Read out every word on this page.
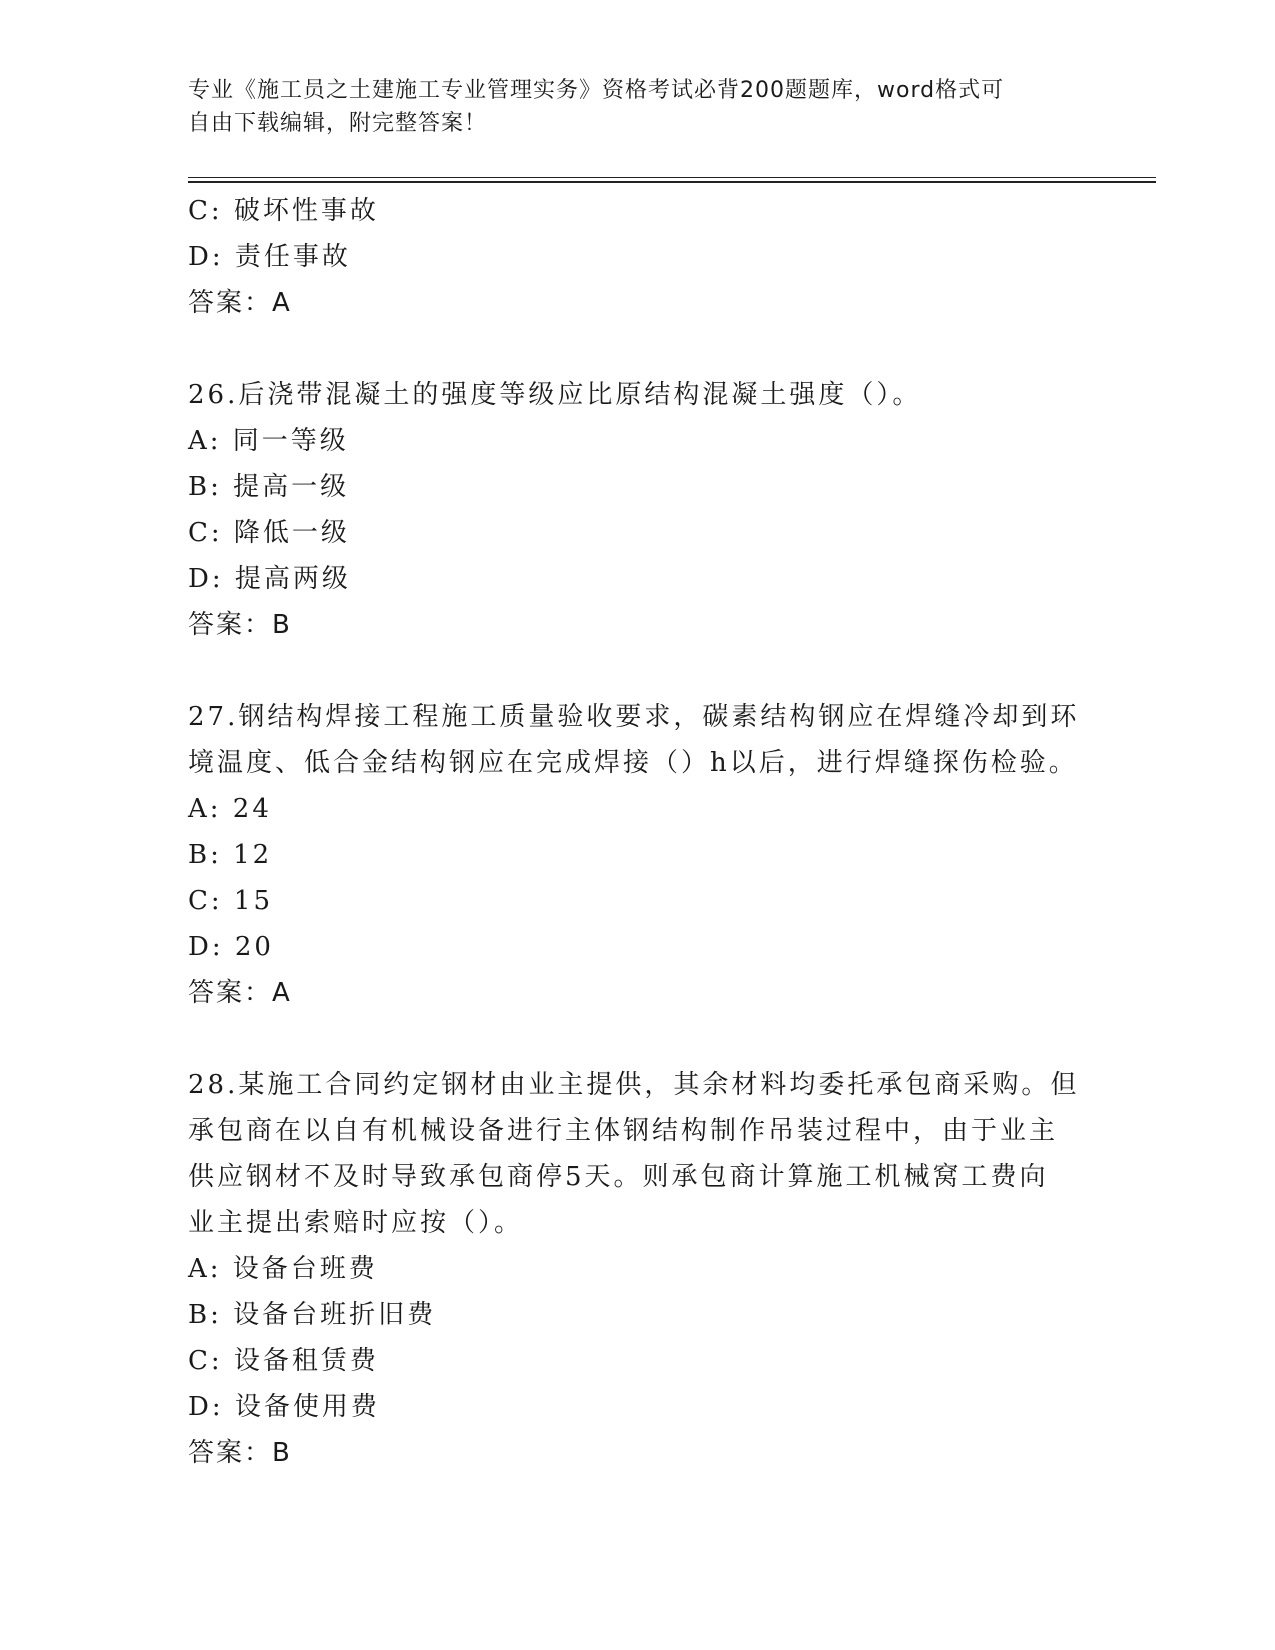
专业《施工员之土建施工专业管理实务》资格考试必背200题题库，word格式可
自由下载编辑，附完整答案！
C: 破坏性事故
D: 责任事故
答案：A
26.后浇带混凝土的强度等级应比原结构混凝土强度（）。
A: 同一等级
B: 提高一级
C: 降低一级
D: 提高两级
答案：B
27.钢结构焊接工程施工质量验收要求，碳素结构钢应在焊缝冷却到环
境温度、低合金结构钢应在完成焊接（）h以后，进行焊缝探伤检验。
A: 24
B: 12
C: 15
D: 20
答案：A
28.某施工合同约定钢材由业主提供，其余材料均委托承包商采购。但
承包商在以自有机械设备进行主体钢结构制作吊装过程中，由于业主
供应钢材不及时导致承包商停5天。则承包商计算施工机械窝工费向
业主提出索赔时应按（）。
A: 设备台班费
B: 设备台班折旧费
C: 设备租赁费
D: 设备使用费
答案：B
